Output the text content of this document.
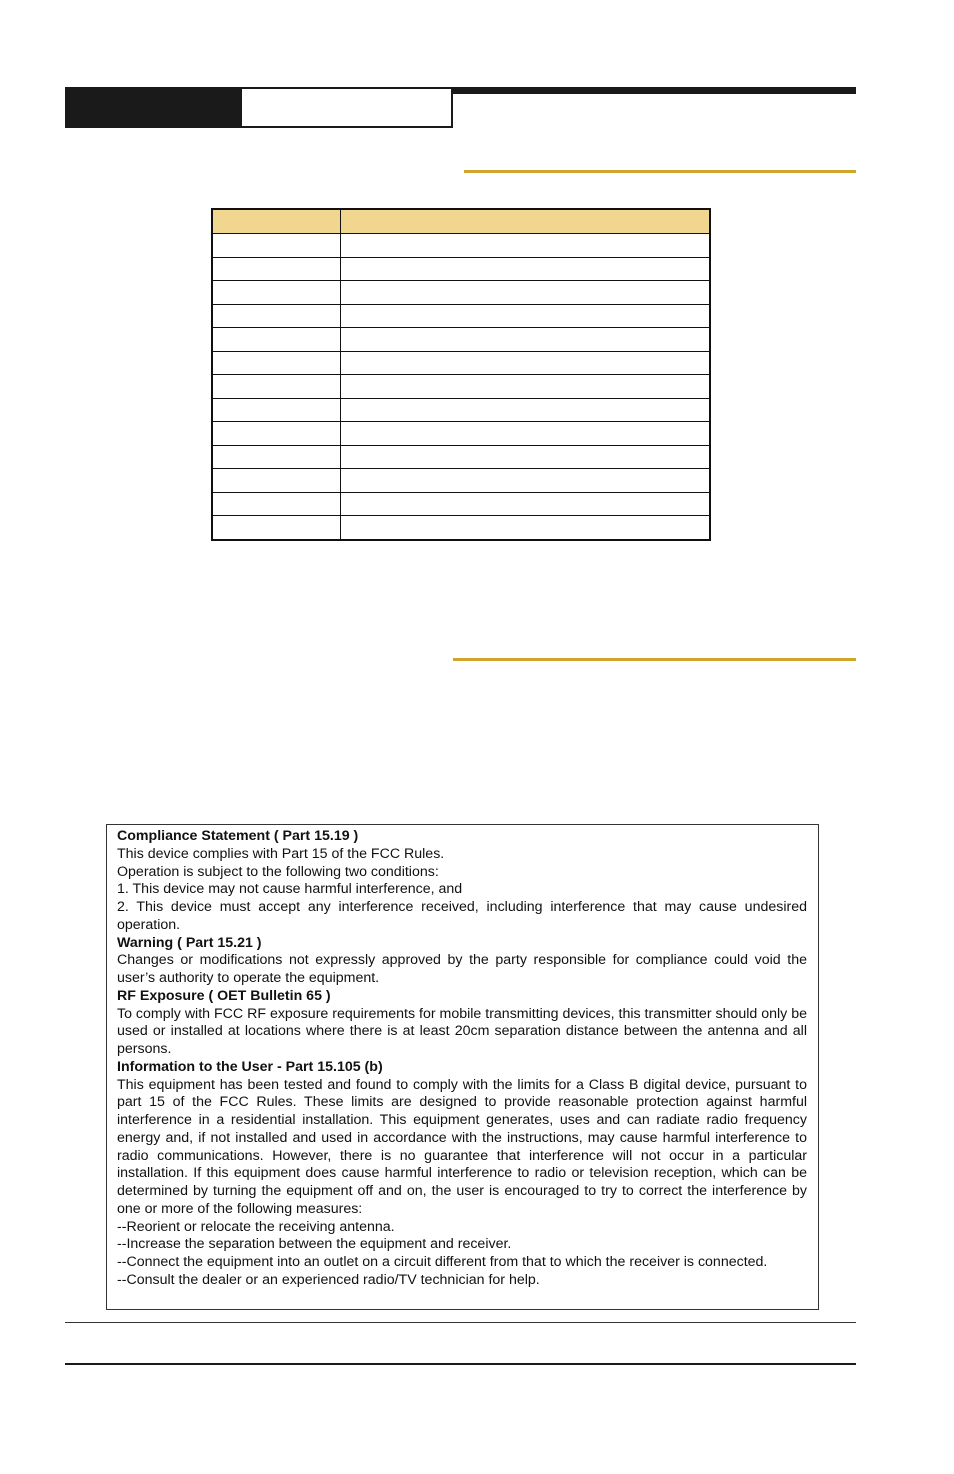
Compliance Statement ( Part 15.19 )

This device complies with Part 15 of the FCC Rules.

Operation is subject to the following two conditions:

1. This device may not cause harmful interference, and

2. This device must accept any interference received, including interference that may cause undesired operation.

Warning ( Part 15.21 )

Changes or modifications not expressly approved by the party responsible for compliance could void the user’s authority to operate the equipment.

RF Exposure ( OET Bulletin 65 )

To comply with FCC RF exposure requirements for mobile transmitting devices, this transmitter should only be used or installed at locations where there is at least 20cm separation distance between the antenna and all persons.

Information to the User - Part 15.105 (b)

This equipment has been tested and found to comply with the limits for a Class B digital device, pursuant to part 15 of the FCC Rules. These limits are designed to provide reasonable protection against harmful interference in a residential installation. This equipment generates, uses and can radiate radio frequency energy and, if not installed and used in accordance with the instructions, may cause harmful interference to radio communications. However, there is no guarantee that interference will not occur in a particular installation. If this equipment does cause harmful interference to radio or television reception, which can be determined by turning the equipment off and on, the user is encouraged to try to correct the interference by one or more of the following measures:

--Reorient or relocate the receiving antenna.

--Increase the separation between the equipment and receiver.

--Connect the equipment into an outlet on a circuit different from that to which the receiver is connected.

--Consult the dealer or an experienced radio/TV technician for help.
